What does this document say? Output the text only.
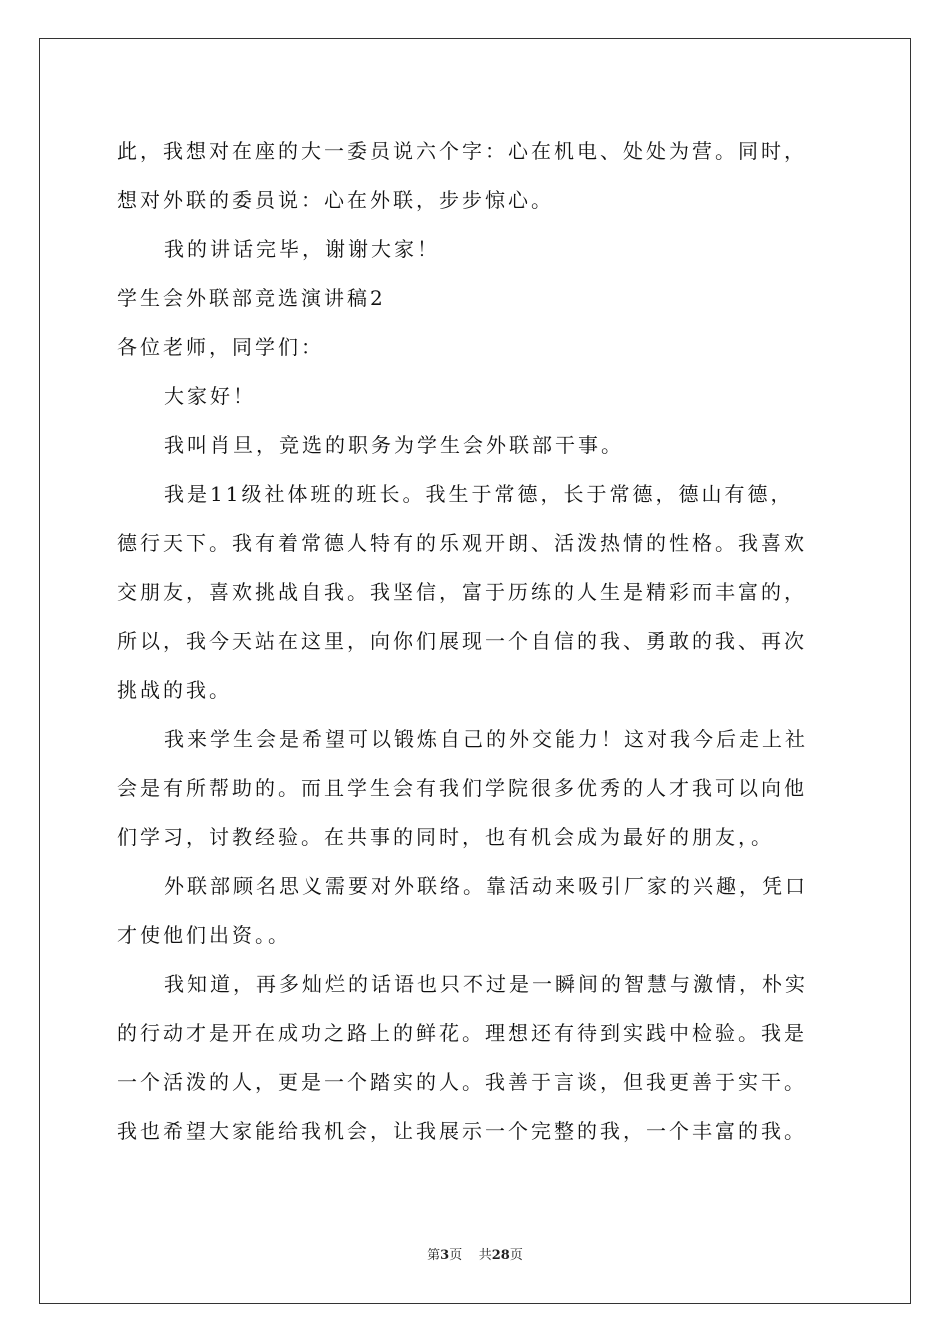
此，我想对在座的大一委员说六个字：心在机电、处处为营。同时，
想对外联的委员说：心在外联，步步惊心。
我的讲话完毕，谢谢大家！
学生会外联部竞选演讲稿2
各位老师，同学们：
大家好！
我叫肖旦，竞选的职务为学生会外联部干事。
我是11级社体班的班长。我生于常德，长于常德，德山有德，
德行天下。我有着常德人特有的乐观开朗、活泼热情的性格。我喜欢
交朋友，喜欢挑战自我。我坚信，富于历练的人生是精彩而丰富的，
所以，我今天站在这里，向你们展现一个自信的我、勇敢的我、再次
挑战的我。
我来学生会是希望可以锻炼自己的外交能力！这对我今后走上社
会是有所帮助的。而且学生会有我们学院很多优秀的人才我可以向他
们学习，讨教经验。在共事的同时，也有机会成为最好的朋友，。
外联部顾名思义需要对外联络。靠活动来吸引厂家的兴趣，凭口
才使他们出资。。
我知道，再多灿烂的话语也只不过是一瞬间的智慧与激情，朴实
的行动才是开在成功之路上的鲜花。理想还有待到实践中检验。我是
一个活泼的人，更是一个踏实的人。我善于言谈，但我更善于实干。
我也希望大家能给我机会，让我展示一个完整的我，一个丰富的我。
第3页 共28页
